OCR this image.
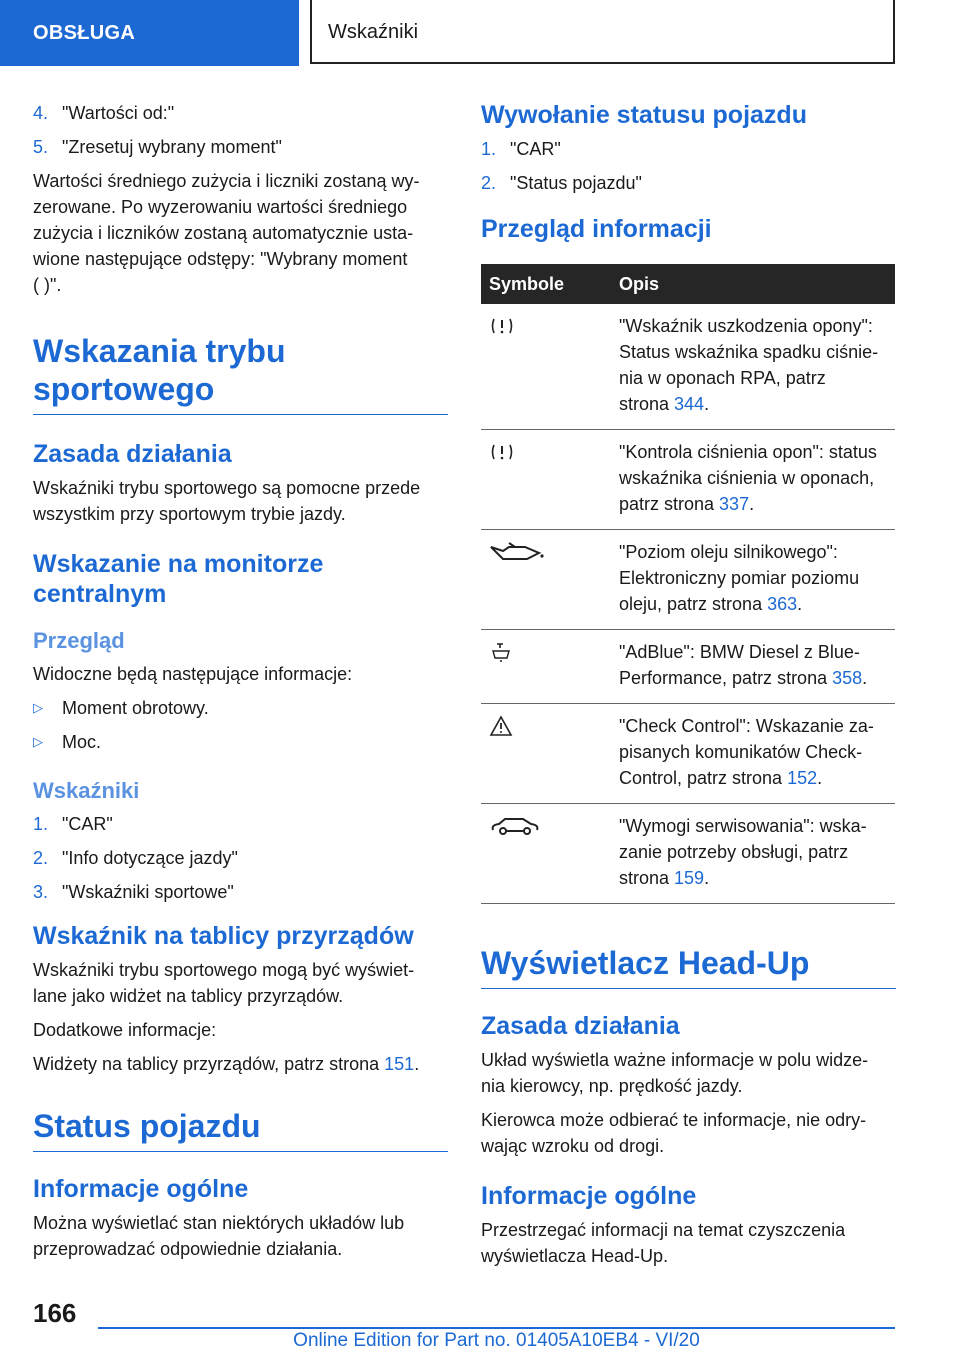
OBSŁUGA	Wskaźniki
4. "Wartości od:"
5. "Zresetuj wybrany moment"

Wartości średniego zużycia i liczniki zostaną wy-
zerowane. Po wyzerowaniu wartości średniego
zużycia i liczników zostaną automatycznie usta-
wione następujące odstępy: "Wybrany moment
( )".

Wskazania trybu sportowego
Zasada działania

Wskaźniki trybu sportowego są pomocne przede
wszystkim przy sportowym trybie jazdy.

Wskazanie na monitorze centralnym
Przegląd

Widoczne będą następujące informacje:

▷	Moment obrotowy.
▷	Moc.
Wskaźniki
1. "CAR"
2. "Info dotyczące jazdy"
3. "Wskaźniki sportowe"
Wskaźnik na tablicy przyrządów

Wskaźniki trybu sportowego mogą być wyświet-
lane jako widżet na tablicy przyrządów.

Dodatkowe informacje:

Widżety na tablicy przyrządów, patrz strona 151.

Status pojazdu
Informacje ogólne

Można wyświetlać stan niektórych układów lub
przeprowadzać odpowiednie działania.

Wywołanie statusu pojazdu
1. "CAR"
2. "Status pojazdu"
Przegląd informacji
Symbole	Opis
	"Wskaźnik uszkodzenia opony":
Status wskaźnika spadku ciśnie-
nia w oponach RPA, patrz
strona 344.
	"Kontrola ciśnienia opon": status
wskaźnika ciśnienia w oponach,
patrz strona 337.
	"Poziom oleju silnikowego":
Elektroniczny pomiar poziomu
oleju, patrz strona 363.
	"AdBlue": BMW Diesel z Blue-
Performance, patrz strona 358.
	"Check Control": Wskazanie za-
pisanych komunikatów Check-
Control, patrz strona 152.
	"Wymogi serwisowania": wska-
zanie potrzeby obsługi, patrz
strona 159.
Wyświetlacz Head-Up
Zasada działania

Układ wyświetla ważne informacje w polu widze-
nia kierowcy, np. prędkość jazdy.

Kierowca może odbierać te informacje, nie odry-
wając wzroku od drogi.

Informacje ogólne

Przestrzegać informacji na temat czyszczenia
wyświetlacza Head-Up.

166
Online Edition for Part no. 01405A10EB4 - VI/20
